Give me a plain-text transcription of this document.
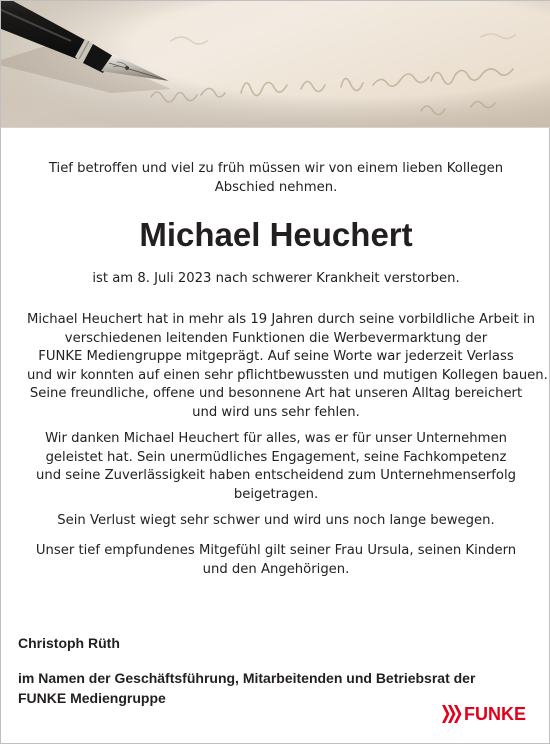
Tief betroffen und viel zu früh müssen wir von einem lieben Kollegen
Abschied nehmen.
Michael Heuchert
ist am 8. Juli 2023 nach schwerer Krankheit verstorben.
Michael Heuchert hat in mehr als 19 Jahren durch seine vorbildliche Arbeit in
verschiedenen leitenden Funktionen die Werbevermarktung der
FUNKE Mediengruppe mitgeprägt. Auf seine Worte war jederzeit Verlass
und wir konnten auf einen sehr pflichtbewussten und mutigen Kollegen bauen.
Seine freundliche, offene und besonnene Art hat unseren Alltag bereichert
und wird uns sehr fehlen.
Wir danken Michael Heuchert für alles, was er für unser Unternehmen
geleistet hat. Sein unermüdliches Engagement, seine Fachkompetenz
und seine Zuverlässigkeit haben entscheidend zum Unternehmenserfolg
beigetragen.
Sein Verlust wiegt sehr schwer und wird uns noch lange bewegen.
Unser tief empfundenes Mitgefühl gilt seiner Frau Ursula, seinen Kindern
und den Angehörigen.
Christoph Rüth
im Namen der Geschäftsführung, Mitarbeitenden und Betriebsrat der
FUNKE Mediengruppe
FUNKE
